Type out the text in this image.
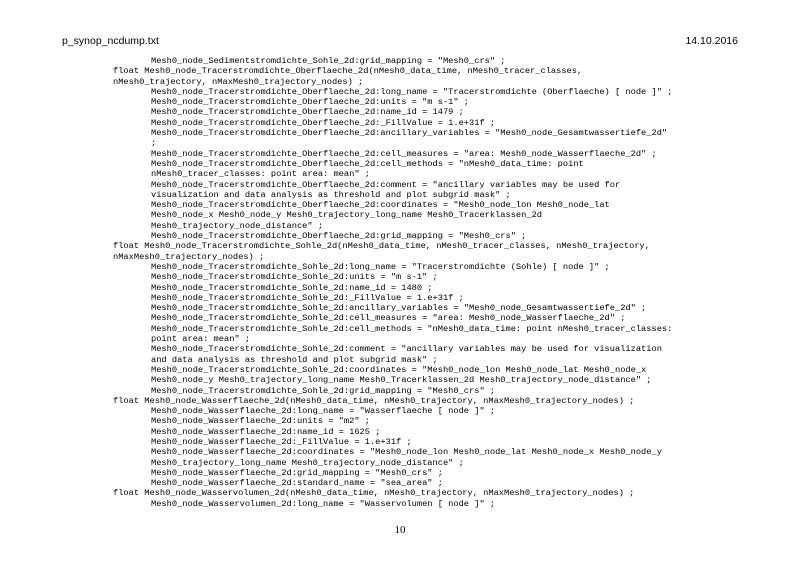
p_synop_ncdump.txt	14.10.2016
Mesh0_node_Sedimentstromdichte_Sohle_2d:grid_mapping = "Mesh0_crs" ;
float Mesh0_node_Tracerstromdichte_Oberflaeche_2d(nMesh0_data_time, nMesh0_tracer_classes,
nMesh0_trajectory, nMaxMesh0_trajectory_nodes) ;
Mesh0_node_Tracerstromdichte_Oberflaeche_2d:long_name = "Tracerstromdichte (Oberflaeche) [ node ]" ;
Mesh0_node_Tracerstromdichte_Oberflaeche_2d:units = "m s-1" ;
Mesh0_node_Tracerstromdichte_Oberflaeche_2d:name_id = 1479 ;
Mesh0_node_Tracerstromdichte_Oberflaeche_2d:_FillValue = 1.e+31f ;
Mesh0_node_Tracerstromdichte_Oberflaeche_2d:ancillary_variables = "Mesh0_node_Gesamtwassertiefe_2d"
;
Mesh0_node_Tracerstromdichte_Oberflaeche_2d:cell_measures = "area: Mesh0_node_Wasserflaeche_2d" ;
Mesh0_node_Tracerstromdichte_Oberflaeche_2d:cell_methods = "nMesh0_data_time: point
nMesh0_tracer_classes: point area: mean" ;
Mesh0_node_Tracerstromdichte_Oberflaeche_2d:comment = "ancillary variables may be used for
visualization and data analysis as threshold and plot subgrid mask" ;
Mesh0_node_Tracerstromdichte_Oberflaeche_2d:coordinates = "Mesh0_node_lon Mesh0_node_lat
Mesh0_node_x Mesh0_node_y Mesh0_trajectory_long_name Mesh0_Tracerklassen_2d
Mesh0_trajectory_node_distance" ;
Mesh0_node_Tracerstromdichte_Oberflaeche_2d:grid_mapping = "Mesh0_crs" ;
float Mesh0_node_Tracerstromdichte_Sohle_2d(nMesh0_data_time, nMesh0_tracer_classes, nMesh0_trajectory,
nMaxMesh0_trajectory_nodes) ;
Mesh0_node_Tracerstromdichte_Sohle_2d:long_name = "Tracerstromdichte (Sohle) [ node ]" ;
Mesh0_node_Tracerstromdichte_Sohle_2d:units = "m s-1" ;
Mesh0_node_Tracerstromdichte_Sohle_2d:name_id = 1480 ;
Mesh0_node_Tracerstromdichte_Sohle_2d:_FillValue = 1.e+31f ;
Mesh0_node_Tracerstromdichte_Sohle_2d:ancillary_variables = "Mesh0_node_Gesamtwassertiefe_2d" ;
Mesh0_node_Tracerstromdichte_Sohle_2d:cell_measures = "area: Mesh0_node_Wasserflaeche_2d" ;
Mesh0_node_Tracerstromdichte_Sohle_2d:cell_methods = "nMesh0_data_time: point nMesh0_tracer_classes:
point area: mean" ;
Mesh0_node_Tracerstromdichte_Sohle_2d:comment = "ancillary variables may be used for visualization
and data analysis as threshold and plot subgrid mask" ;
Mesh0_node_Tracerstromdichte_Sohle_2d:coordinates = "Mesh0_node_lon Mesh0_node_lat Mesh0_node_x
Mesh0_node_y Mesh0_trajectory_long_name Mesh0_Tracerklassen_2d Mesh0_trajectory_node_distance" ;
Mesh0_node_Tracerstromdichte_Sohle_2d:grid_mapping = "Mesh0_crs" ;
float Mesh0_node_Wasserflaeche_2d(nMesh0_data_time, nMesh0_trajectory, nMaxMesh0_trajectory_nodes) ;
Mesh0_node_Wasserflaeche_2d:long_name = "Wasserflaeche [ node ]" ;
Mesh0_node_Wasserflaeche_2d:units = "m2" ;
Mesh0_node_Wasserflaeche_2d:name_id = 1625 ;
Mesh0_node_Wasserflaeche_2d:_FillValue = 1.e+31f ;
Mesh0_node_Wasserflaeche_2d:coordinates = "Mesh0_node_lon Mesh0_node_lat Mesh0_node_x Mesh0_node_y
Mesh0_trajectory_long_name Mesh0_trajectory_node_distance" ;
Mesh0_node_Wasserflaeche_2d:grid_mapping = "Mesh0_crs" ;
Mesh0_node_Wasserflaeche_2d:standard_name = "sea_area" ;
float Mesh0_node_Wasservolumen_2d(nMesh0_data_time, nMesh0_trajectory, nMaxMesh0_trajectory_nodes) ;
Mesh0_node_Wasservolumen_2d:long_name = "Wasservolumen [ node ]" ;
10
